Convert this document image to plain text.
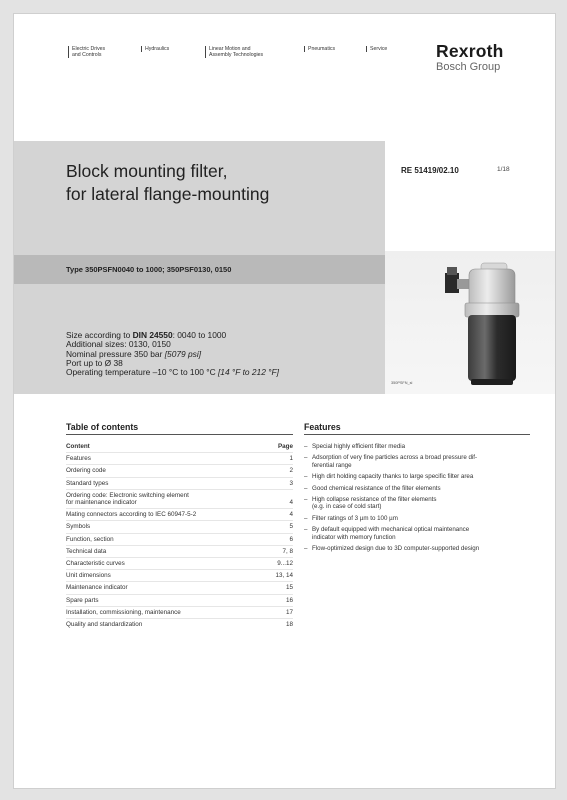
Electric Drives
and Controls
Hydraulics	Linear Motion and
Assembly Technologies
Pneumatics	Service	Rexroth
Bosch Group
Block mounting filter,
for lateral flange-mounting
RE 51419/02.10	1/18
Type 350PSFN0040 to 1000; 350PSF0130, 0150
Size according to DIN 24550: 0040 to 1000
Additional sizes: 0130, 0150
Nominal pressure 350 bar [5079 psi]
Port up to Ø 38
Operating temperature –10 °C to 100 °C [14 °F to 212 °F]
350PSFN_sl
Table of contents
Content	Page
Features	1
Ordering code	2
Standard types	3
Ordering code: Electronic switching element
for maintenance indicator	4
Mating connectors according to IEC 60947-5-2	4
Symbols	5
Function, section	6
Technical data	7, 8
Characteristic curves	9...12
Unit dimensions	13, 14
Maintenance indicator	15
Spare parts	16
Installation, commissioning, maintenance	17
Quality and standardization	18
Features
– Special highly efficient filter media
– Adsorption of very fine particles across a broad pressure dif-
ferential range
– High dirt holding capacity thanks to large specific filter area
– Good chemical resistance of the filter elements
– High collapse resistance of the filter elements
(e.g. in case of cold start)
– Filter ratings of 3 µm to 100 µm
– By default equipped with mechanical optical maintenance
indicator with memory function
– Flow-optimized design due to 3D computer-supported design
